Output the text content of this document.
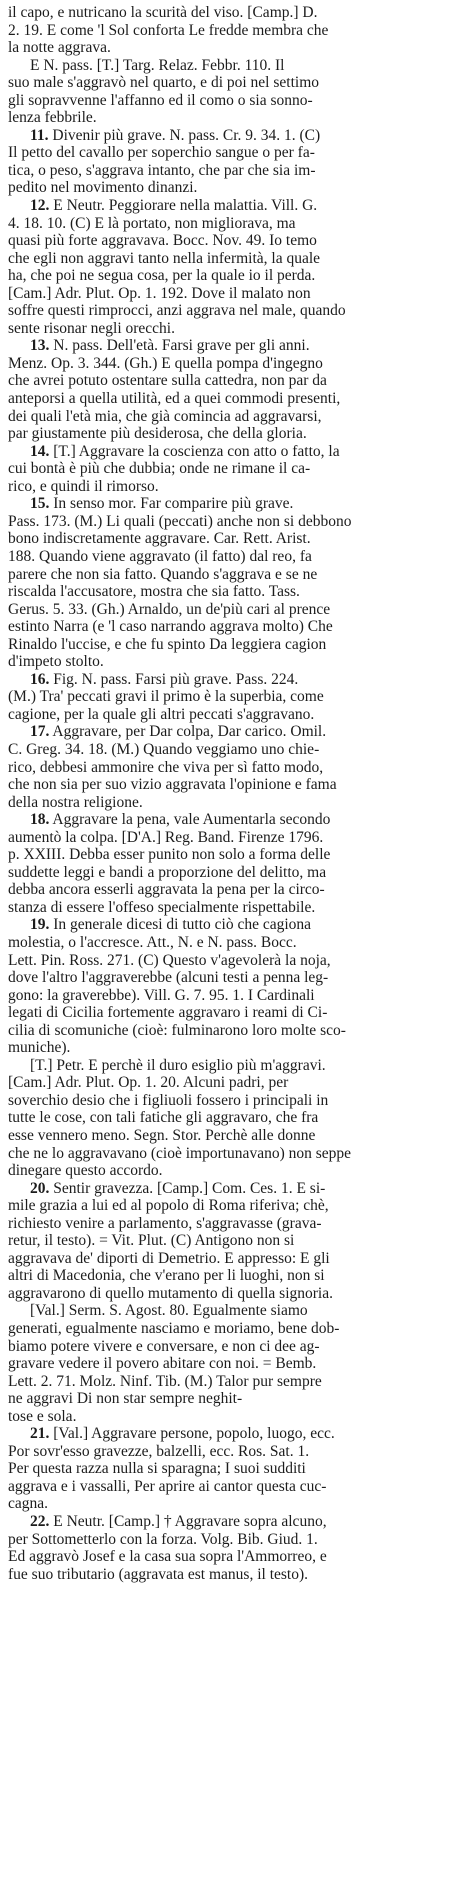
il capo, e nutricano la scurità del viso. [Camp.] D.
2. 19. E come 'l Sol conforta Le fredde membra che
la notte aggrava.

E N. pass. [T.] Targ. Relaz. Febbr. 110. Il
suo male s'aggravò nel quarto, e di poi nel settimo
gli sopravvenne l'affanno ed il como o sia sonno-
lenza febbrile.

11. Divenir più grave. N. pass. Cr. 9. 34. 1. (C)
Il petto del cavallo per soperchio sangue o per fa-
tica, o peso, s'aggrava intanto, che par che sia im-
pedito nel movimento dinanzi.

12. E Neutr. Peggiorare nella malattia. Vill. G.
4. 18. 10. (C) E là portato, non migliorava, ma
quasi più forte aggravava. Bocc. Nov. 49. Io temo
che egli non aggravi tanto nella infermità, la quale
ha, che poi ne segua cosa, per la quale io il perda.
[Cam.] Adr. Plut. Op. 1. 192. Dove il malato non
soffre questi rimprocci, anzi aggrava nel male, quando
sente risonar negli orecchi.

13. N. pass. Dell'età. Farsi grave per gli anni.
Menz. Op. 3. 344. (Gh.) E quella pompa d'ingegno
che avrei potuto ostentare sulla cattedra, non par da
anteporsi a quella utilità, ed a quei commodi presenti,
dei quali l'età mia, che già comincia ad aggravarsi,
par giustamente più desiderosa, che della gloria.

14. [T.] Aggravare la coscienza con atto o fatto, la
cui bontà è più che dubbia; onde ne rimane il ca-
rico, e quindi il rimorso.

15. In senso mor. Far comparire più grave.
Pass. 173. (M.) Li quali (peccati) anche non si debbono
bono indiscretamente aggravare. Car. Rett. Arist.
188. Quando viene aggravato (il fatto) dal reo, fa
parere che non sia fatto. Quando s'aggrava e se ne
riscalda l'accusatore, mostra che sia fatto. Tass.
Gerus. 5. 33. (Gh.) Arnaldo, un de'più cari al prence
estinto Narra (e 'l caso narrando aggrava molto) Che
Rinaldo l'uccise, e che fu spinto Da leggiera cagion
d'impeto stolto.

16. Fig. N. pass. Farsi più grave. Pass. 224.
(M.) Tra' peccati gravi il primo è la superbia, come
cagione, per la quale gli altri peccati s'aggravano.

17. Aggravare, per Dar colpa, Dar carico. Omil.
C. Greg. 34. 18. (M.) Quando veggiamo uno chie-
rico, debbesi ammonire che viva per sì fatto modo,
che non sia per suo vizio aggravata l'opinione e fama
della nostra religione.

18. Aggravare la pena, vale Aumentarla secondo
aumentò la colpa. [D'A.] Reg. Band. Firenze 1796.
p. XXIII. Debba esser punito non solo a forma delle
suddette leggi e bandi a proporzione del delitto, ma
debba ancora esserli aggravata la pena per la circo-
stanza di essere l'offeso specialmente rispettabile.

19. In generale dicesi di tutto ciò che cagiona
molestia, o l'accresce. Att., N. e N. pass. Bocc.
Lett. Pin. Ross. 271. (C) Questo v'agevolerà la noja,
dove l'altro l'aggraverebbe (alcuni testi a penna leg-
gono: la graverebbe). Vill. G. 7. 95. 1. I Cardinali
legati di Cicilia fortemente aggravaro i reami di Ci-
cilia di scomuniche (cioè: fulminarono loro molte sco-
muniche).

[T.] Petr. E perchè il duro esiglio più m'aggravi.
[Cam.] Adr. Plut. Op. 1. 20. Alcuni padri, per
soverchio desio che i figliuoli fossero i principali in
tutte le cose, con tali fatiche gli aggravaro, che fra
esse vennero meno. Segn. Stor. Perchè alle donne
che ne lo aggravavano (cioè importunavano) non seppe
dinegare questo accordo.

20. Sentir gravezza. [Camp.] Com. Ces. 1. E si-
mile grazia a lui ed al popolo di Roma riferiva; chè,
richiesto venire a parlamento, s'aggravasse (grava-
retur, il testo). = Vit. Plut. (C) Antigono non si
aggravava de' diporti di Demetrio. E appresso: E gli
altri di Macedonia, che v'erano per li luoghi, non si
aggravarono di quello mutamento di quella signoria.

[Val.] Serm. S. Agost. 80. Egualmente siamo
generati, egualmente nasciamo e moriamo, bene dob-
biamo potere vivere e conversare, e non ci dee ag-
gravare vedere il povero abitare con noi. = Bemb.
Lett. 2. 71. Molz. Ninf. Tib. (M.) Talor pur sempre
ne aggravi Di non star sempre neghit-
tose e sola.

21. [Val.] Aggravare persone, popolo, luogo, ecc.
Por sovr'esso gravezze, balzelli, ecc. Ros. Sat. 1.
Per questa razza nulla si sparagna; I suoi sudditi
aggrava e i vassalli, Per aprire ai cantor questa cuc-
cagna.

22. E Neutr. [Camp.] † Aggravare sopra alcuno,
per Sottometterlo con la forza. Volg. Bib. Giud. 1.
Ed aggravò Josef e la casa sua sopra l'Ammorreo, e
fue suo tributario (aggravata est manus, il testo).
